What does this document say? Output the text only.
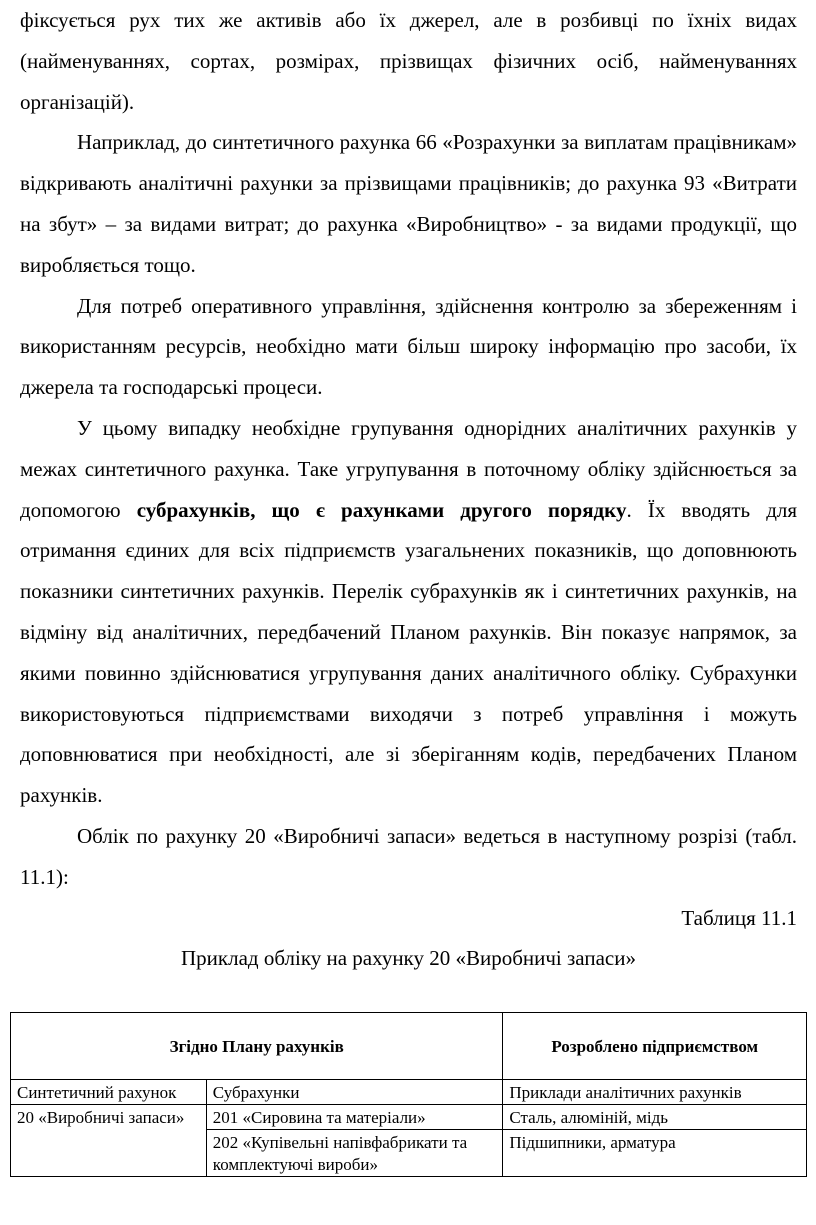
фіксується рух тих же активів або їх джерел, але в розбивці по їхніх видах (найменуваннях, сортах, розмірах, прізвищах фізичних осіб, найменуваннях організацій).

Наприклад, до синтетичного рахунка 66 «Розрахунки за виплатам працівникам» відкривають аналітичні рахунки за прізвищами працівників; до рахунка 93 «Витрати на збут» – за видами витрат; до рахунка «Виробництво» - за видами продукції, що виробляється тощо.

Для потреб оперативного управління, здійснення контролю за збереженням і використанням ресурсів, необхідно мати більш широку інформацію про засоби, їх джерела та господарські процеси.

У цьому випадку необхідне групування однорідних аналітичних рахунків у межах синтетичного рахунка. Таке угрупування в поточному обліку здійснюється за допомогою субрахунків, що є рахунками другого порядку. Їх вводять для отримання єдиних для всіх підприємств узагальнених показників, що доповнюють показники синтетичних рахунків. Перелік субрахунків як і синтетичних рахунків, на відміну від аналітичних, передбачений Планом рахунків. Він показує напрямок, за якими повинно здійснюватися угрупування даних аналітичного обліку. Субрахунки використовуються підприємствами виходячи з потреб управління і можуть доповнюватися при необхідності, але зі зберіганням кодів, передбачених Планом рахунків.

Облік по рахунку 20 «Виробничі запаси» ведеться в наступному розрізі (табл. 11.1):

Таблиця 11.1

Приклад обліку на рахунку 20 «Виробничі запаси»

Згідно Плану рахунків		Розроблено підприємством
Синтетичний рахунок	Субрахунки	Приклади аналітичних рахунків
20 «Виробничі запаси»	201 «Сировина та матеріали»	Сталь, алюміній, мідь
	202 «Купівельні напівфабрикати та комплектуючі вироби»	Підшипники, арматура
